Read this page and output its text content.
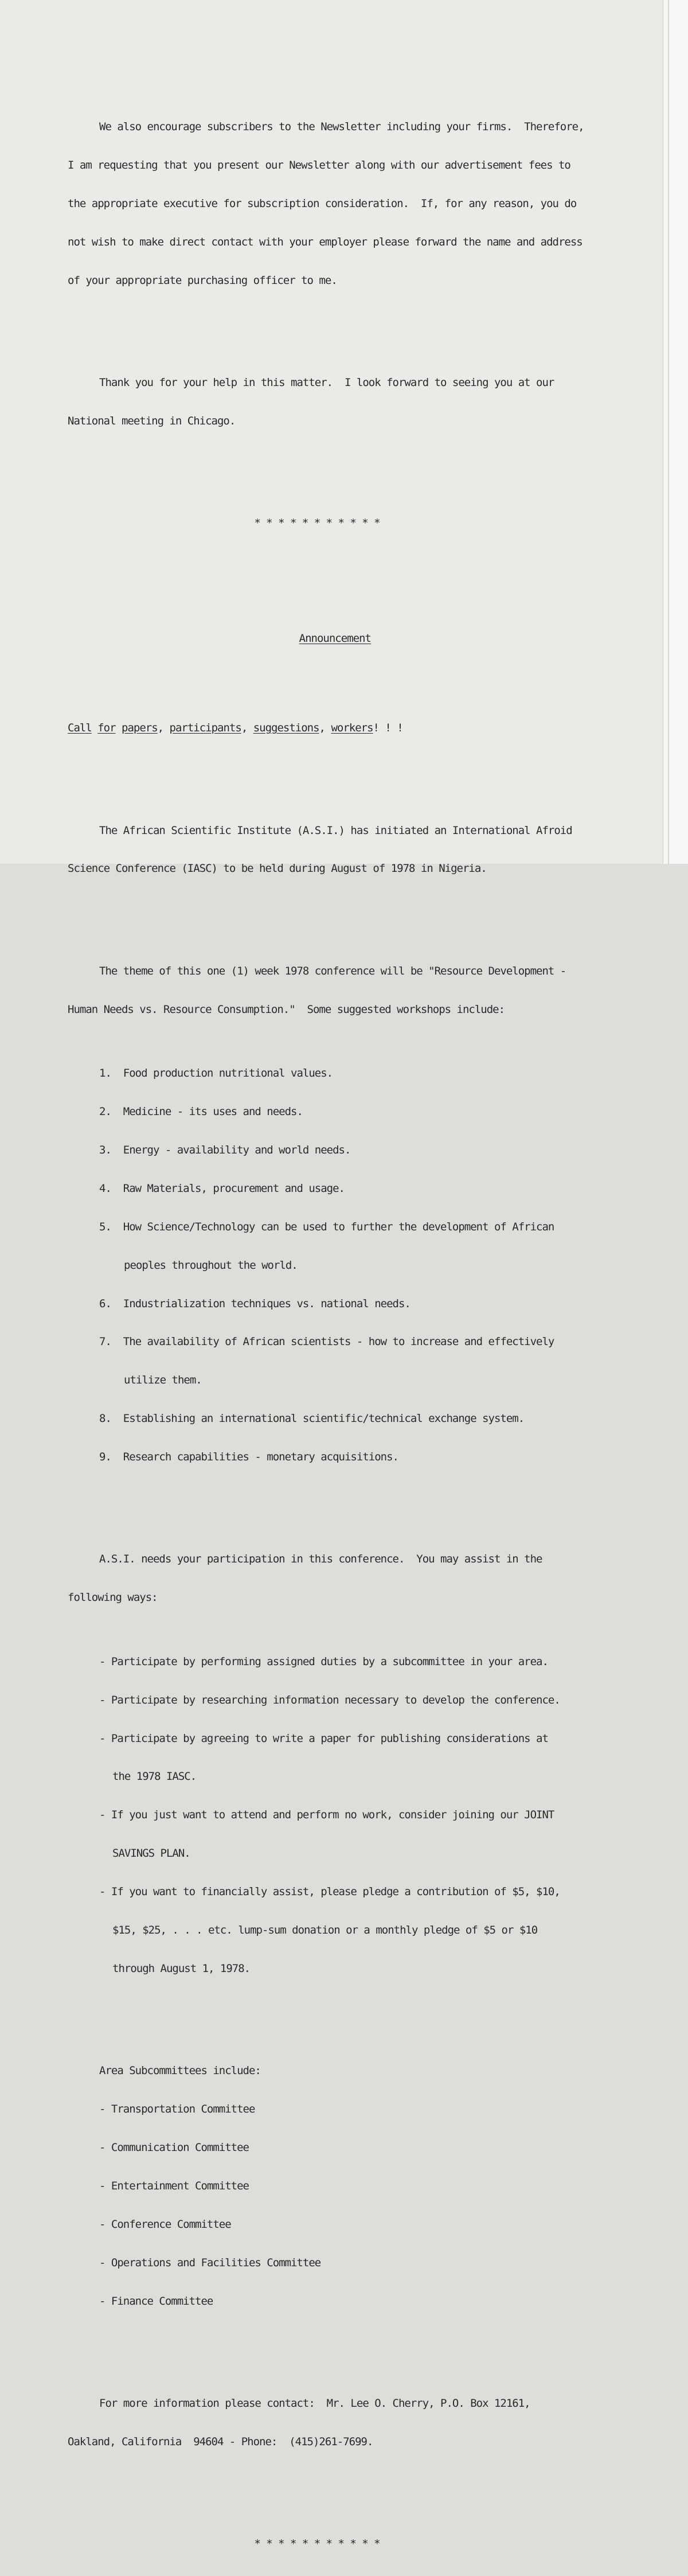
We also encourage subscribers to the Newsletter including your firms.  Therefore,

I am requesting that you present our Newsletter along with our advertisement fees to

the appropriate executive for subscription consideration.  If, for any reason, you do

not wish to make direct contact with your employer please forward the name and address

of your appropriate purchasing officer to me.

Thank you for your help in this matter.  I look forward to seeing you at our

National meeting in Chicago.

* * * * * * * * * * *

Announcement

Call for papers, participants, suggestions, workers! ! !

The African Scientific Institute (A.S.I.) has initiated an International Afroid

Science Conference (IASC) to be held during August of 1978 in Nigeria.

The theme of this one (1) week 1978 conference will be "Resource Development -

Human Needs vs. Resource Consumption."  Some suggested workshops include:

1.  Food production nutritional values.

2.  Medicine - its uses and needs.

3.  Energy - availability and world needs.

4.  Raw Materials, procurement and usage.

5.  How Science/Technology can be used to further the development of African

peoples throughout the world.

6.  Industrialization techniques vs. national needs.

7.  The availability of African scientists - how to increase and effectively

utilize them.

8.  Establishing an international scientific/technical exchange system.

9.  Research capabilities - monetary acquisitions.

A.S.I. needs your participation in this conference.  You may assist in the

following ways:

- Participate by performing assigned duties by a subcommittee in your area.

- Participate by researching information necessary to develop the conference.

- Participate by agreeing to write a paper for publishing considerations at

the 1978 IASC.

- If you just want to attend and perform no work, consider joining our JOINT

SAVINGS PLAN.

- If you want to financially assist, please pledge a contribution of $5, $10,

$15, $25, . . . etc. lump-sum donation or a monthly pledge of $5 or $10

through August 1, 1978.

Area Subcommittees include:

- Transportation Committee

- Communication Committee

- Entertainment Committee

- Conference Committee

- Operations and Facilities Committee

- Finance Committee

For more information please contact:  Mr. Lee O. Cherry, P.O. Box 12161,

Oakland, California  94604 - Phone:  (415)261-7699.

* * * * * * * * * * *
